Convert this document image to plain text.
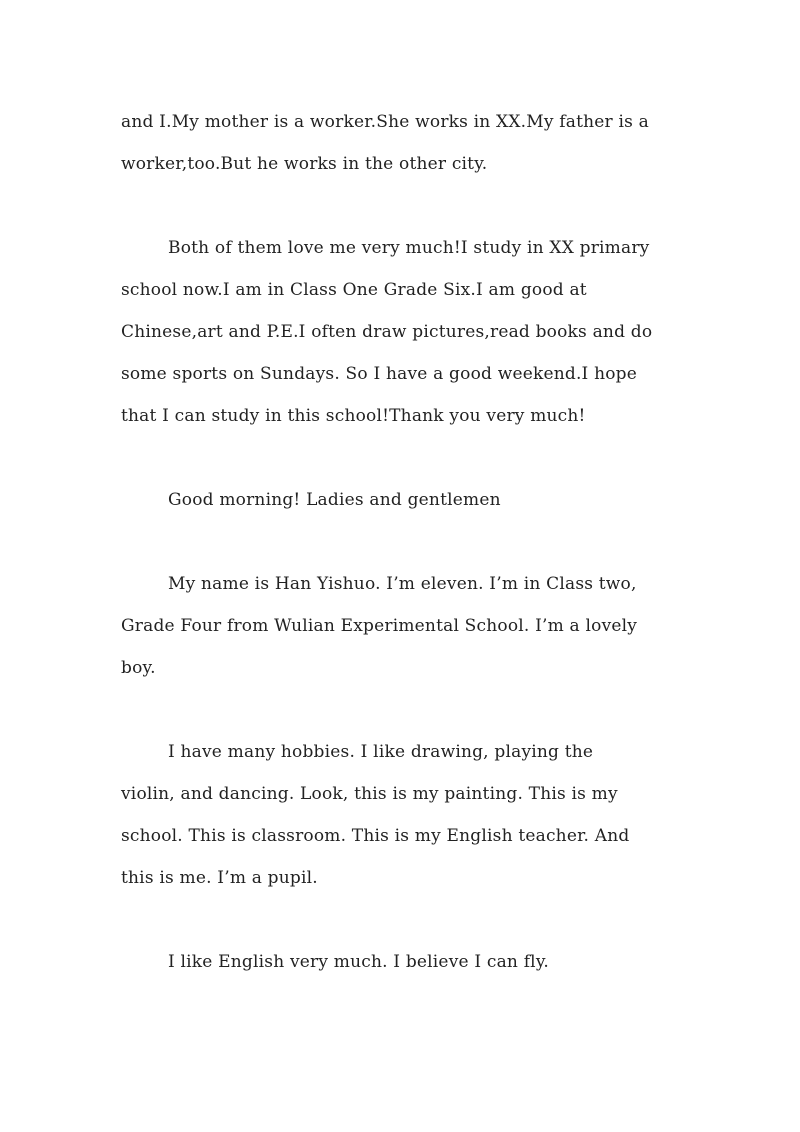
and I.My mother is a worker.She works in XX.My father is a
worker,too.But he works in the other city.

Both of them love me very much!I study in XX primary
school now.I am in Class One Grade Six.I am good at
Chinese,art and P.E.I often draw pictures,read books and do
some sports on Sundays. So I have a good weekend.I hope
that I can study in this school!Thank you very much!

Good morning! Ladies and gentlemen

My name is Han Yishuo. I’m eleven. I’m in Class two,
Grade Four from Wulian Experimental School. I’m a lovely
boy.

I have many hobbies. I like drawing, playing the
violin, and dancing. Look, this is my painting. This is my
school. This is classroom. This is my English teacher. And
this is me. I’m a pupil.

I like English very much. I believe I can fly.
